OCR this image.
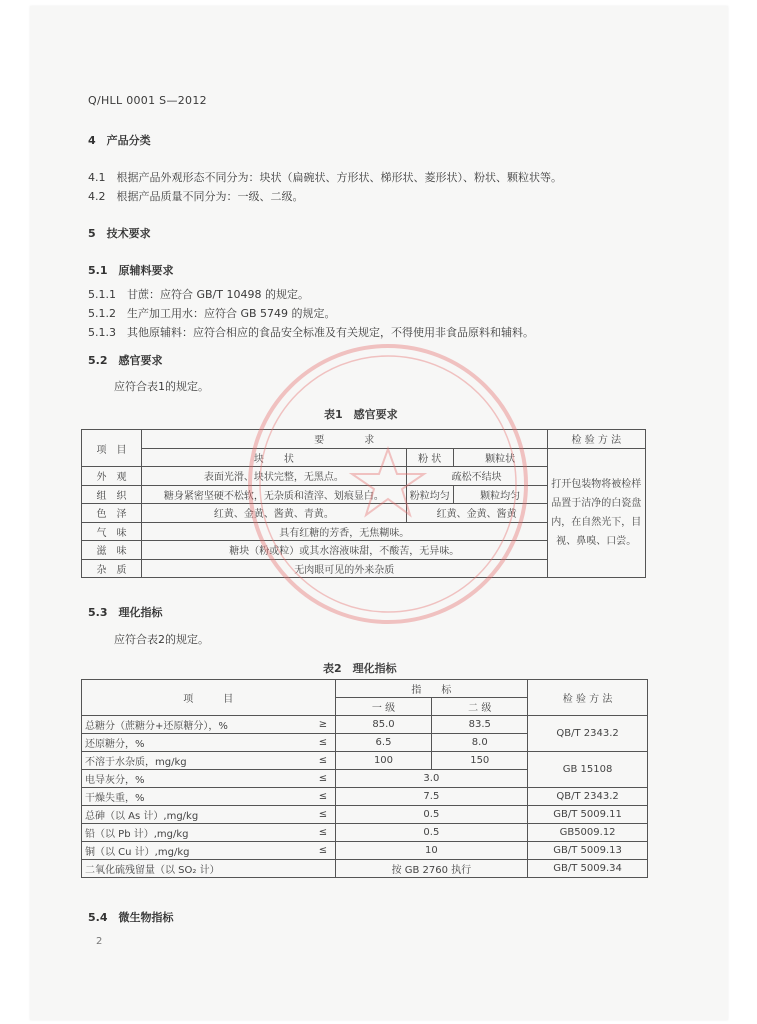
Q/HLL 0001 S—2012
4　产品分类
4.1　根据产品外观形态不同分为：块状（扁碗状、方形状、梯形状、菱形状）、粉状、颗粒状等。
4.2　根据产品质量不同分为：一级、二级。
5　技术要求
5.1　原辅料要求
5.1.1　甘蔗：应符合 GB/T 10498 的规定。
5.1.2　生产加工用水：应符合 GB 5749 的规定。
5.1.3　其他原辅料：应符合相应的食品安全标准及有关规定，不得使用非食品原料和辅料。
5.2　感官要求
应符合表1的规定。
表1　感官要求
项　目	要　　　　求			检 验 方 法
	块　　状	粉 状	颗粒状	打开包装物将被检样品置于洁净的白瓷盘内，在自然光下，目视、鼻嗅、口尝。
外　观	表面光滑、块状完整，无黑点。	疏松不结块		
组　织	糖身紧密坚硬不松软，无杂质和渣滓、划痕显白。	粉粒均匀	颗粒均匀	
色　泽	红黄、金黄、酱黄、青黄。	红黄、金黄、酱黄		
气　味	具有红糖的芳香，无焦糊味。			
滋　味	糖块（粉或粒）或其水溶液味甜，不酸苦，无异味。			
杂　质	无肉眼可见的外来杂质			
5.3　理化指标
应符合表2的规定。
表2　理化指标
项　　　目		指　　标		检 验 方 法
		一 级	二 级	
总糖分（蔗糖分+还原糖分），%	≥	85.0	83.5	QB/T 2343.2
还原糖分，%	≤	6.5	8.0	
不溶于水杂质，mg/kg	≤	100	150	GB 15108
电导灰分，%	≤	3.0		
干燥失重，%	≤	7.5		QB/T 2343.2
总砷（以 As 计）,mg/kg	≤	0.5		GB/T 5009.11
铅（以 Pb 计）,mg/kg	≤	0.5		GB5009.12
铜（以 Cu 计）,mg/kg	≤	10		GB/T 5009.13
二氧化硫残留量（以 SO₂ 计）		按 GB 2760 执行		GB/T 5009.34
5.4　微生物指标
2
